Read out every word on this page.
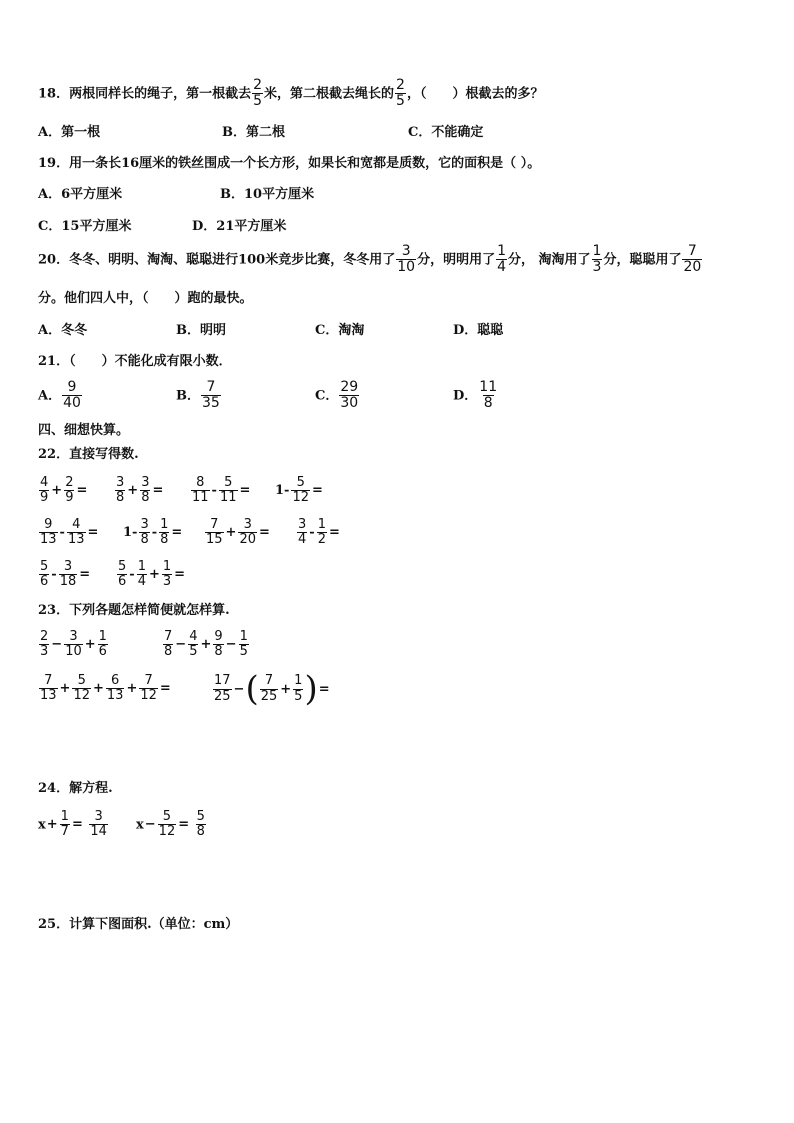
18．两根同样长的绳子，第一根截去 $\frac{2}{5}$ 米，第二根截去绳长的 $\frac{2}{5}$ ，（　　）根截去的多？
A．第一根	B．第二根	C．不能确定
19．用一条长16厘米的铁丝围成一个长方形，如果长和宽都是质数，它的面积是（ ）。
A．6平方厘米	B．10平方厘米
C．15平方厘米	D．21平方厘米
20．冬冬、明明、淘淘、聪聪进行100米竞步比赛，冬冬用了 $\frac{3}{10}$ 分，明明用了 $\frac{1}{4}$ 分， 淘淘用了 $\frac{1}{3}$ 分，聪聪用了 $\frac{7}{20}$
分。他们四人中，（　　）跑的最快。
A．冬冬	B．明明	C．淘淘	D．聪聪
21．（　　）不能化成有限小数．
A． $\frac{9}{40}$	B． $\frac{7}{35}$	C． $\frac{29}{30}$	D． $\frac{11}{8}$
四、细想快算。
22．直接写得数.
$\frac{4}{9} + \frac{2}{9} = \frac{3}{8} + \frac{3}{8} = \frac{8}{11} - \frac{5}{11} = 1- \frac{5}{12}$ =
$\frac{9}{13} - \frac{4}{13} = 1- \frac{3}{8} - \frac{1}{8} = \frac{7}{15} + \frac{3}{20} = \frac{3}{4} - \frac{1}{2}$ =
$\frac{5}{6} - \frac{3}{18} = \frac{5}{6} - \frac{1}{4} + \frac{1}{3}$ =
23．下列各题怎样简便就怎样算.
$\frac{2}{3} - \frac{3}{10} + \frac{1}{6}$	$\frac{7}{8} - \frac{4}{5} + \frac{9}{8} - \frac{1}{5}$
$\frac{7}{13} + \frac{5}{12} + \frac{6}{13} + \frac{7}{12}$ =	$\frac{17}{25}$ −( $\frac{7}{25} + \frac{1}{5}$ )=
24．解方程.
$x+ \frac{1}{7} = \frac{3}{14} x- \frac{5}{12} = \frac{5}{8}$
25．计算下图面积.（单位：cm）
